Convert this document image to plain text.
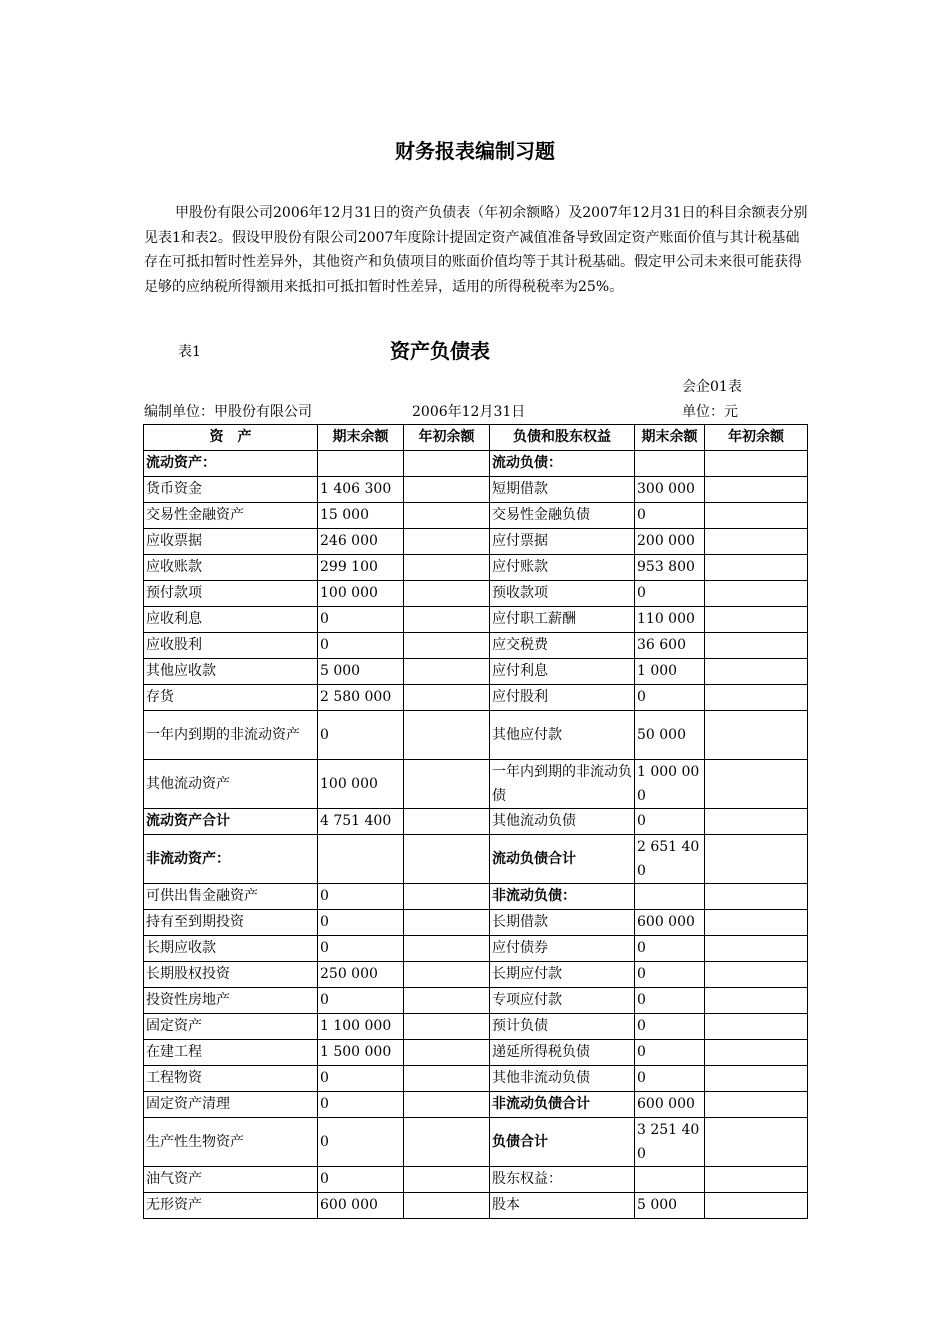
财务报表编制习题

甲股份有限公司2006年12月31日的资产负债表（年初余额略）及2007年12月31日的科目余额表分别见表1和表2。假设甲股份有限公司2007年度除计提固定资产减值准备导致固定资产账面价值与其计税基础存在可抵扣暂时性差异外，其他资产和负债项目的账面价值均等于其计税基础。假定甲公司未来很可能获得足够的应纳税所得额用来抵扣可抵扣暂时性差异，适用的所得税税率为25%。

表1	资产负债表
会企01表
编制单位：甲股份有限公司	2006年12月31日	单位：元
资　产	期末余额	年初余额	负债和股东权益	期末余额	年初余额
流动资产：			流动负债：		
货币资金	1 406 300		短期借款	300 000	
交易性金融资产	15 000		交易性金融负债	0	
应收票据	246 000		应付票据	200 000	
应收账款	299 100		应付账款	953 800	
预付款项	100 000		预收款项	0	
应收利息	0		应付职工薪酬	110 000	
应收股利	0		应交税费	36 600	
其他应收款	5 000		应付利息	1 000	
存货	2 580 000		应付股利	0	
一年内到期的非流动资产	0		其他应付款	50 000	
其他流动资产	100 000		一年内到期的非流动负债	1 000 000	
流动资产合计	4 751 400		其他流动负债	0	
非流动资产：			流动负债合计	2 651 400	
可供出售金融资产	0		非流动负债：		
持有至到期投资	0		长期借款	600 000	
长期应收款	0		应付债券	0	
长期股权投资	250 000		长期应付款	0	
投资性房地产	0		专项应付款	0	
固定资产	1 100 000		预计负债	0	
在建工程	1 500 000		递延所得税负债	0	
工程物资	0		其他非流动负债	0	
固定资产清理	0		非流动负债合计	600 000	
生产性生物资产	0		负债合计	3 251 400	
油气资产	0		股东权益：		
无形资产	600 000		股本	5 000	
